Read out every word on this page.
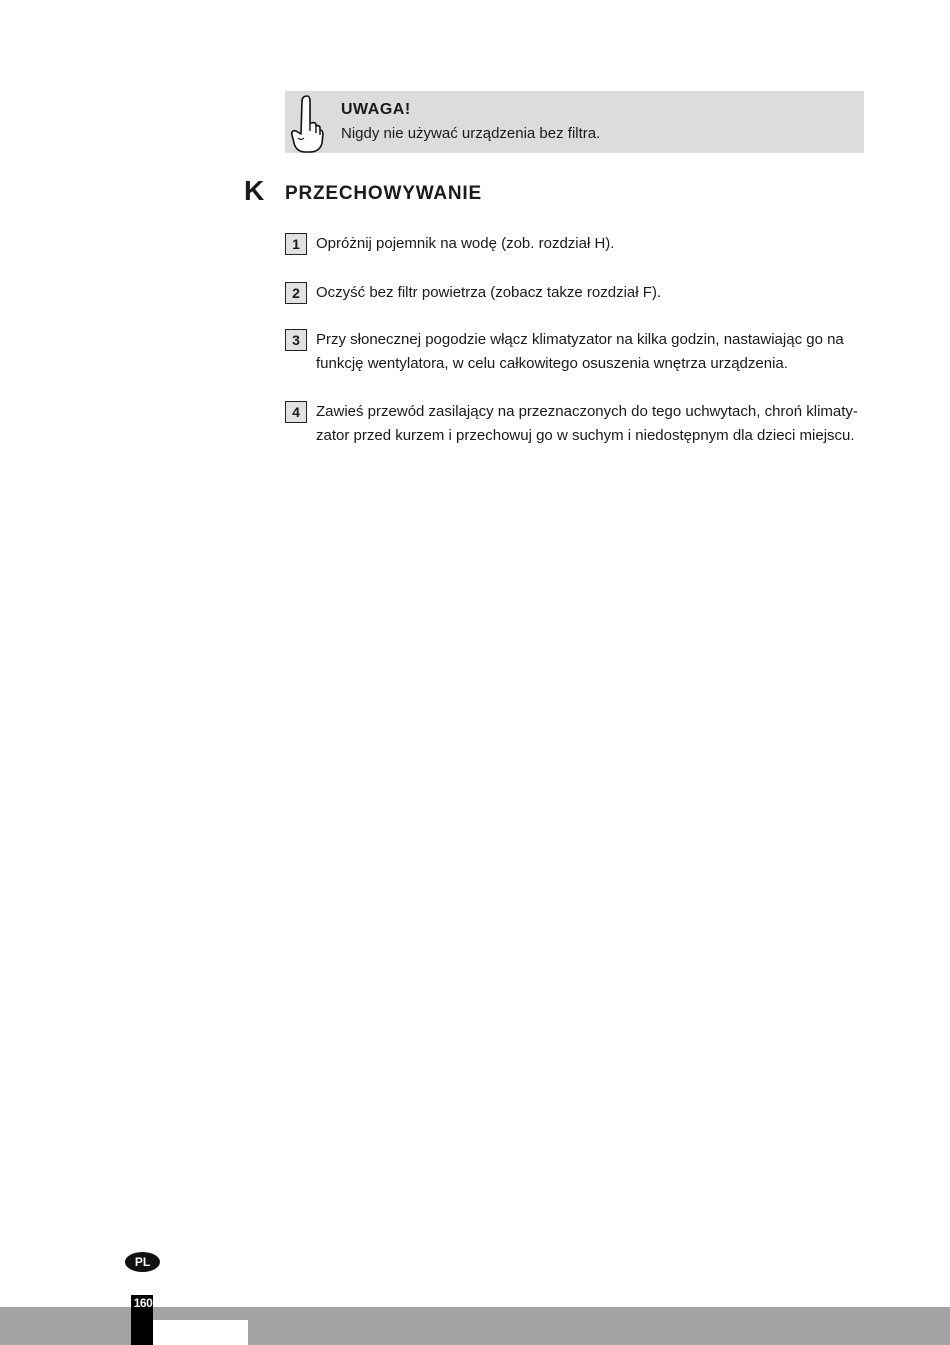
UWAGA!
Nigdy nie używać urządzenia bez filtra.
K PRZECHOWYWANIE
1	Opróżnij pojemnik na wodę (zob. rozdział H).
2	Oczyść bez filtr powietrza (zobacz takze rozdział F).
3	Przy słonecznej pogodzie włącz klimatyzator na kilka godzin, nastawiając go na funkcję wentylatora, w celu całkowitego osuszenia wnętrza urządzenia.
4	Zawieś przewód zasilający na przeznaczonych do tego uchwytach, chroń klimaty-zator przed kurzem i przechowuj go w suchym i niedostępnym dla dzieci miejscu.
PL
160
